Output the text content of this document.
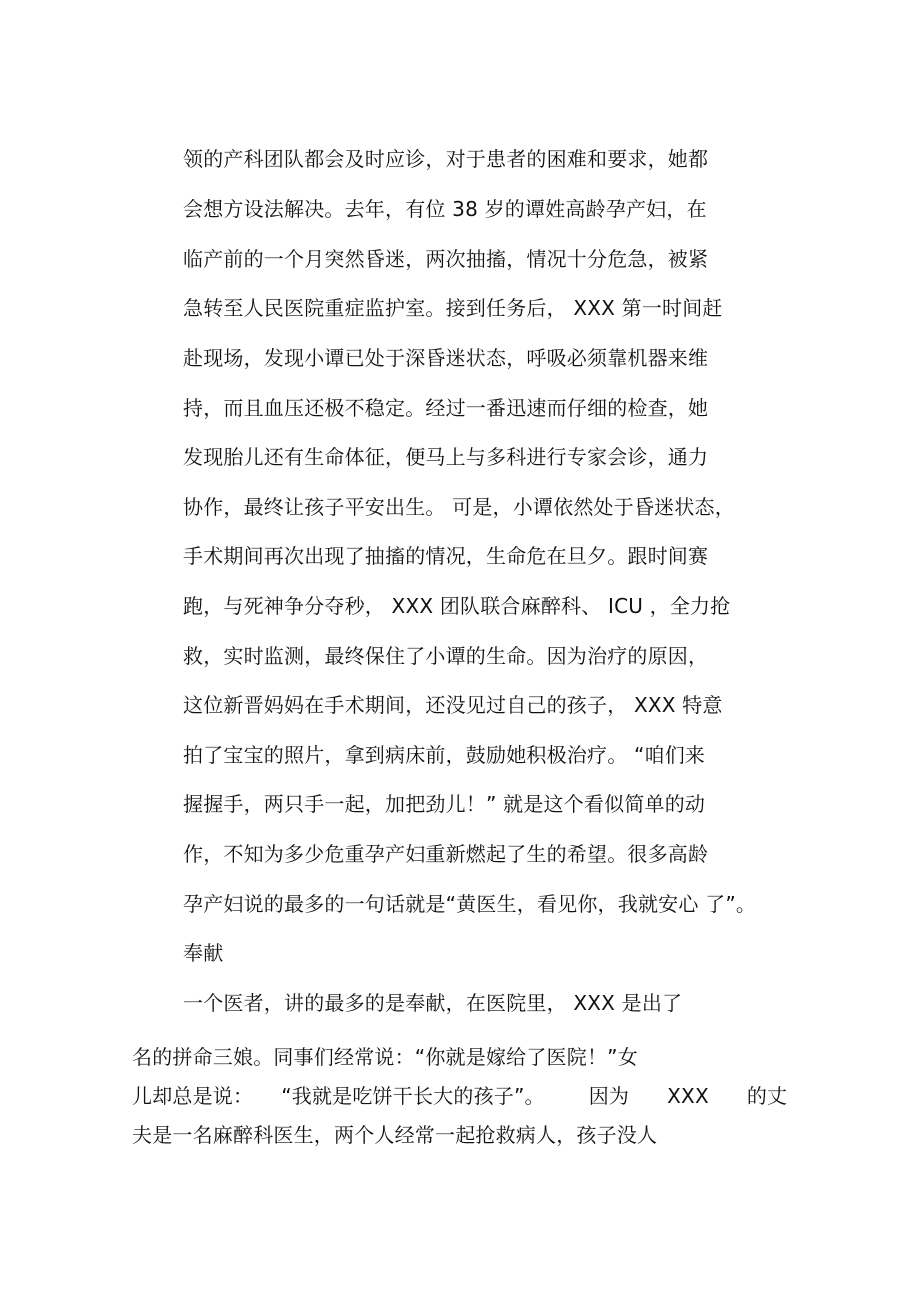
领的产科团队都会及时应诊，对于患者的困难和要求，她都
会想方设法解决。去年，有位 38 岁的谭姓高龄孕产妇，在
临产前的一个月突然昏迷，两次抽搐，情况十分危急，被紧
急转至人民医院重症监护室。接到任务后， XXX 第一时间赶
赴现场，发现小谭已处于深昏迷状态，呼吸必须靠机器来维
持，而且血压还极不稳定。经过一番迅速而仔细的检查，她
发现胎儿还有生命体征，便马上与多科进行专家会诊，通力
协作，最终让孩子平安出生。 可是，小谭依然处于昏迷状态，
手术期间再次出现了抽搐的情况，生命危在旦夕。跟时间赛
跑，与死神争分夺秒， XXX 团队联合麻醉科、 ICU ，全力抢
救，实时监测，最终保住了小谭的生命。因为治疗的原因，
这位新晋妈妈在手术期间，还没见过自己的孩子， XXX 特意
拍了宝宝的照片，拿到病床前，鼓励她积极治疗。 “咱们来
握握手，两只手一起，加把劲儿！” 就是这个看似简单的动
作，不知为多少危重孕产妇重新燃起了生的希望。很多高龄
孕产妇说的最多的一句话就是“黄医生，看见你，我就安心 了”。
奉献
一个医者，讲的最多的是奉献，在医院里， XXX 是出了
名的拼命三娘。同事们经常说：“你就是嫁给了医院！”女
儿却总是说： “我就是吃饼干长大的孩子”。 因为 XXX 的丈
夫是一名麻醉科医生，两个人经常一起抢救病人，孩子没人
